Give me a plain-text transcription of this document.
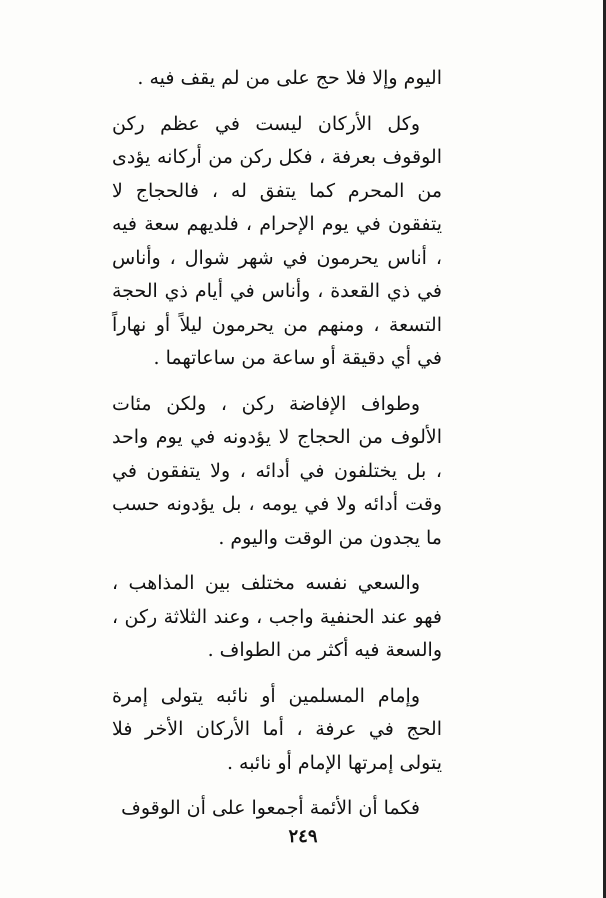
اليوم وإلا فلا حج على من لم يقف فيه .

وكل الأركان ليست في عظم ركن الوقوف بعرفة ، فكل ركن من أركانه يؤدى من المحرم كما يتفق له ، فالحجاج لا يتفقون في يوم الإحرام ، فلديهم سعة فيه ، أناس يحرمون في شهر شوال ، وأناس في ذي القعدة ، وأناس في أيام ذي الحجة التسعة ، ومنهم من يحرمون ليلاً أو نهاراً في أي دقيقة أو ساعة من ساعاتهما .

وطواف الإفاضة ركن ، ولكن مئات الألوف من الحجاج لا يؤدونه في يوم واحد ، بل يختلفون في أدائه ، ولا يتفقون في وقت أدائه ولا في يومه ، بل يؤدونه حسب ما يجدون من الوقت واليوم .

والسعي نفسه مختلف بين المذاهب ، فهو عند الحنفية واجب ، وعند الثلاثة ركن ، والسعة فيه أكثر من الطواف .

وإمام المسلمين أو نائبه يتولى إمرة الحج في عرفة ، أما الأركان الأخر فلا يتولى إمرتها الإمام أو نائبه .

فكما أن الأئمة أجمعوا على أن الوقوف

٢٤٩
